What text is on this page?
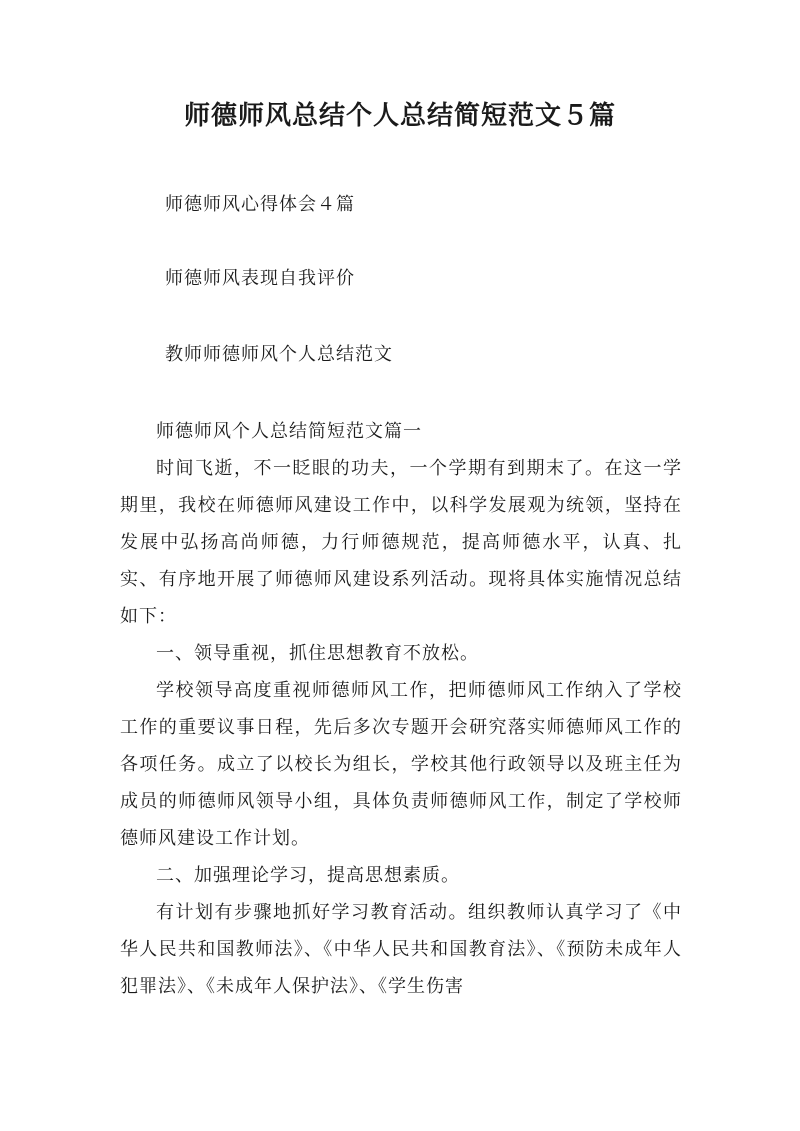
师德师风总结个人总结简短范文５篇
师德师风心得体会４篇
师德师风表现自我评价
教师师德师风个人总结范文

师德师风个人总结简短范文篇一

时间飞逝，不一眨眼的功夫，一个学期有到期末了。在这一学期里，我校在师德师风建设工作中，以科学发展观为统领，坚持在发展中弘扬高尚师德，力行师德规范，提高师德水平，认真、扎实、有序地开展了师德师风建设系列活动。现将具体实施情况总结如下：

一、领导重视，抓住思想教育不放松。

学校领导高度重视师德师风工作，把师德师风工作纳入了学校工作的重要议事日程，先后多次专题开会研究落实师德师风工作的各项任务。成立了以校长为组长，学校其他行政领导以及班主任为成员的师德师风领导小组，具体负责师德师风工作，制定了学校师德师风建设工作计划。

二、加强理论学习，提高思想素质。

有计划有步骤地抓好学习教育活动。组织教师认真学习了《中华人民共和国教师法》、《中华人民共和国教育法》、《预防未成年人犯罪法》、《未成年人保护法》、《学生伤害
